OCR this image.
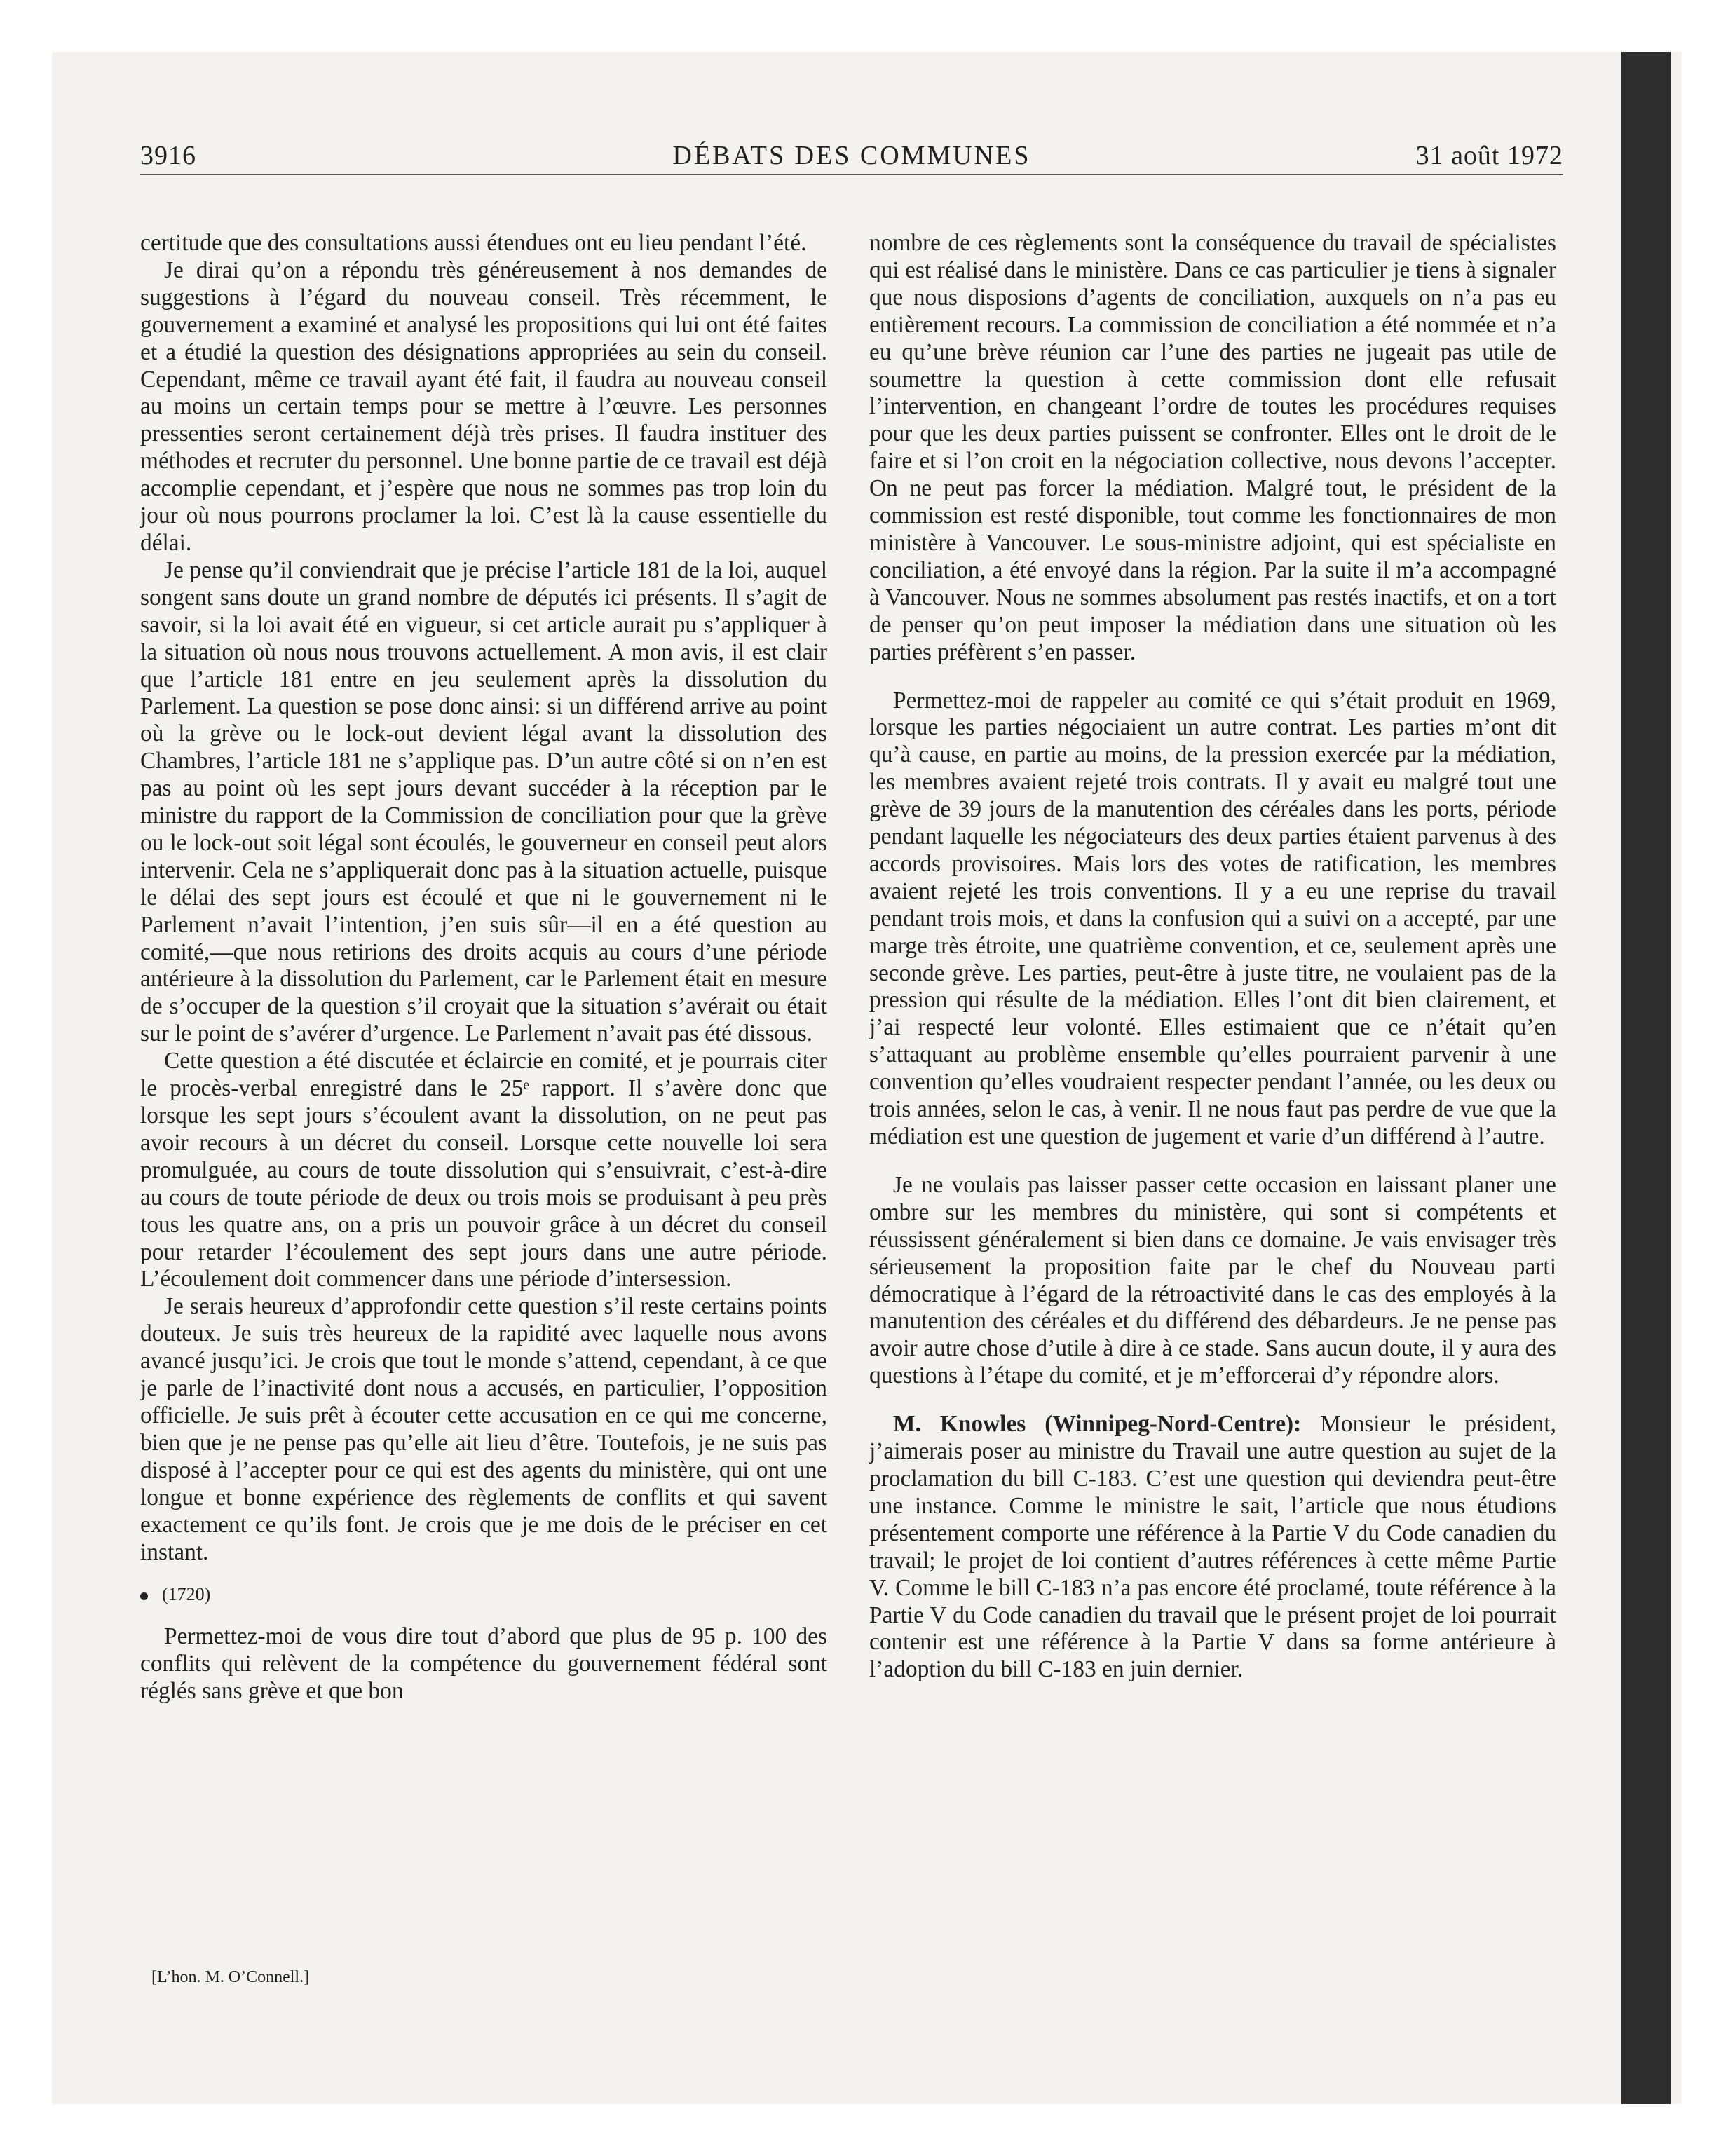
DÉBATS DES COMMUNES
3916	31 août 1972

certitude que des consultations aussi étendues ont eu lieu pendant l’été.

Je dirai qu’on a répondu très généreusement à nos demandes de suggestions à l’égard du nouveau conseil. Très récemment, le gouvernement a examiné et analysé les propositions qui lui ont été faites et a étudié la question des désignations appropriées au sein du conseil. Cependant, même ce travail ayant été fait, il faudra au nouveau conseil au moins un certain temps pour se mettre à l’œuvre. Les personnes pressenties seront certainement déjà très prises. Il faudra instituer des méthodes et recruter du personnel. Une bonne partie de ce travail est déjà accomplie cependant, et j’espère que nous ne sommes pas trop loin du jour où nous pourrons proclamer la loi. C’est là la cause essentielle du délai.

Je pense qu’il conviendrait que je précise l’article 181 de la loi, auquel songent sans doute un grand nombre de députés ici présents. Il s’agit de savoir, si la loi avait été en vigueur, si cet article aurait pu s’appliquer à la situation où nous nous trouvons actuellement. A mon avis, il est clair que l’article 181 entre en jeu seulement après la dissolution du Parlement. La question se pose donc ainsi: si un différend arrive au point où la grève ou le lock-out devient légal avant la dissolution des Chambres, l’article 181 ne s’applique pas. D’un autre côté si on n’en est pas au point où les sept jours devant succéder à la réception par le ministre du rapport de la Commission de conciliation pour que la grève ou le lock-out soit légal sont écoulés, le gouverneur en conseil peut alors intervenir. Cela ne s’appliquerait donc pas à la situation actuelle, puisque le délai des sept jours est écoulé et que ni le gouvernement ni le Parlement n’avait l’intention, j’en suis sûr—il en a été question au comité,—que nous retirions des droits acquis au cours d’une période antérieure à la dissolution du Parlement, car le Parlement était en mesure de s’occuper de la question s’il croyait que la situation s’avérait ou était sur le point de s’avérer d’urgence. Le Parlement n’avait pas été dissous.

Cette question a été discutée et éclaircie en comité, et je pourrais citer le procès-verbal enregistré dans le 25ᵉ rapport. Il s’avère donc que lorsque les sept jours s’écoulent avant la dissolution, on ne peut pas avoir recours à un décret du conseil. Lorsque cette nouvelle loi sera promulguée, au cours de toute dissolution qui s’ensuivrait, c’est-à-dire au cours de toute période de deux ou trois mois se produisant à peu près tous les quatre ans, on a pris un pouvoir grâce à un décret du conseil pour retarder l’écoulement des sept jours dans une autre période. L’écoulement doit commencer dans une période d’intersession.

Je serais heureux d’approfondir cette question s’il reste certains points douteux. Je suis très heureux de la rapidité avec laquelle nous avons avancé jusqu’ici. Je crois que tout le monde s’attend, cependant, à ce que je parle de l’inactivité dont nous a accusés, en particulier, l’opposition officielle. Je suis prêt à écouter cette accusation en ce qui me concerne, bien que je ne pense pas qu’elle ait lieu d’être. Toutefois, je ne suis pas disposé à l’accepter pour ce qui est des agents du ministère, qui ont une longue et bonne expérience des règlements de conflits et qui savent exactement ce qu’ils font. Je crois que je me dois de le préciser en cet instant.

(1720)

Permettez-moi de vous dire tout d’abord que plus de 95 p. 100 des conflits qui relèvent de la compétence du gouvernement fédéral sont réglés sans grève et que bon

[L’hon. M. O’Connell.]

nombre de ces règlements sont la conséquence du travail de spécialistes qui est réalisé dans le ministère. Dans ce cas particulier je tiens à signaler que nous disposions d’agents de conciliation, auxquels on n’a pas eu entièrement recours. La commission de conciliation a été nommée et n’a eu qu’une brève réunion car l’une des parties ne jugeait pas utile de soumettre la question à cette commission dont elle refusait l’intervention, en changeant l’ordre de toutes les procédures requises pour que les deux parties puissent se confronter. Elles ont le droit de le faire et si l’on croit en la négociation collective, nous devons l’accepter. On ne peut pas forcer la médiation. Malgré tout, le président de la commission est resté disponible, tout comme les fonctionnaires de mon ministère à Vancouver. Le sous-ministre adjoint, qui est spécialiste en conciliation, a été envoyé dans la région. Par la suite il m’a accompagné à Vancouver. Nous ne sommes absolument pas restés inactifs, et on a tort de penser qu’on peut imposer la médiation dans une situation où les parties préfèrent s’en passer.

Permettez-moi de rappeler au comité ce qui s’était produit en 1969, lorsque les parties négociaient un autre contrat. Les parties m’ont dit qu’à cause, en partie au moins, de la pression exercée par la médiation, les membres avaient rejeté trois contrats. Il y avait eu malgré tout une grève de 39 jours de la manutention des céréales dans les ports, période pendant laquelle les négociateurs des deux parties étaient parvenus à des accords provisoires. Mais lors des votes de ratification, les membres avaient rejeté les trois conventions. Il y a eu une reprise du travail pendant trois mois, et dans la confusion qui a suivi on a accepté, par une marge très étroite, une quatrième convention, et ce, seulement après une seconde grève. Les parties, peut-être à juste titre, ne voulaient pas de la pression qui résulte de la médiation. Elles l’ont dit bien clairement, et j’ai respecté leur volonté. Elles estimaient que ce n’était qu’en s’attaquant au problème ensemble qu’elles pourraient parvenir à une convention qu’elles voudraient respecter pendant l’année, ou les deux ou trois années, selon le cas, à venir. Il ne nous faut pas perdre de vue que la médiation est une question de jugement et varie d’un différend à l’autre.

Je ne voulais pas laisser passer cette occasion en laissant planer une ombre sur les membres du ministère, qui sont si compétents et réussissent généralement si bien dans ce domaine. Je vais envisager très sérieusement la proposition faite par le chef du Nouveau parti démocratique à l’égard de la rétroactivité dans le cas des employés à la manutention des céréales et du différend des débardeurs. Je ne pense pas avoir autre chose d’utile à dire à ce stade. Sans aucun doute, il y aura des questions à l’étape du comité, et je m’efforcerai d’y répondre alors.

M. Knowles (Winnipeg-Nord-Centre): Monsieur le président, j’aimerais poser au ministre du Travail une autre question au sujet de la proclamation du bill C-183. C’est une question qui deviendra peut-être une instance. Comme le ministre le sait, l’article que nous étudions présentement comporte une référence à la Partie V du Code canadien du travail; le projet de loi contient d’autres références à cette même Partie V. Comme le bill C-183 n’a pas encore été proclamé, toute référence à la Partie V du Code canadien du travail que le présent projet de loi pourrait contenir est une référence à la Partie V dans sa forme antérieure à l’adoption du bill C-183 en juin dernier.
